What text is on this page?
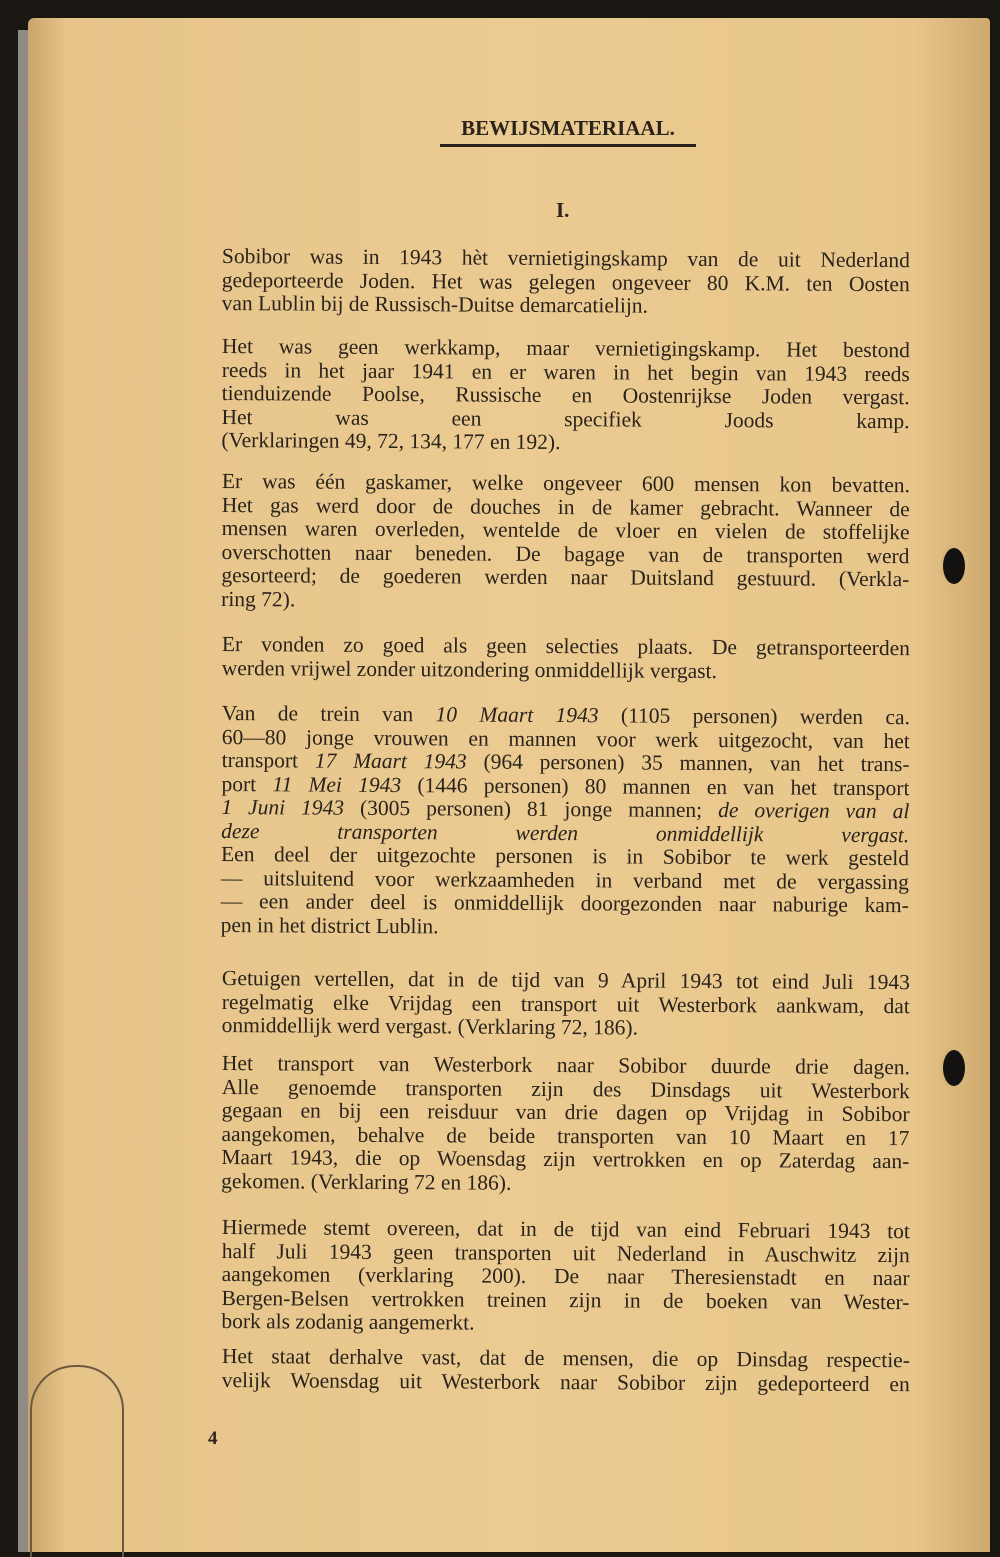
BEWIJSMATERIAAL.
I.
Sobibor was in 1943 hèt vernietigingskamp van de uit Nederland
gedeporteerde Joden. Het was gelegen ongeveer 80 K.M. ten Oosten
van Lublin bij de Russisch-Duitse demarcatielijn.
Het was geen werkkamp, maar vernietigingskamp. Het bestond
reeds in het jaar 1941 en er waren in het begin van 1943 reeds
tienduizende Poolse, Russische en Oostenrijkse Joden vergast.
Het was een specifiek Joods kamp.
(Verklaringen 49, 72, 134, 177 en 192).
Er was één gaskamer, welke ongeveer 600 mensen kon bevatten.
Het gas werd door de douches in de kamer gebracht. Wanneer de
mensen waren overleden, wentelde de vloer en vielen de stoffelijke
overschotten naar beneden. De bagage van de transporten werd
gesorteerd; de goederen werden naar Duitsland gestuurd. (Verkla-
ring 72).
Er vonden zo goed als geen selecties plaats. De getransporteerden
werden vrijwel zonder uitzondering onmiddellijk vergast.
Van de trein van 10 Maart 1943 (1105 personen) werden ca.
60—80 jonge vrouwen en mannen voor werk uitgezocht, van het
transport 17 Maart 1943 (964 personen) 35 mannen, van het trans-
port 11 Mei 1943 (1446 personen) 80 mannen en van het transport
1 Juni 1943 (3005 personen) 81 jonge mannen; de overigen van al
deze transporten werden onmiddellijk vergast.
Een deel der uitgezochte personen is in Sobibor te werk gesteld
— uitsluitend voor werkzaamheden in verband met de vergassing
— een ander deel is onmiddellijk doorgezonden naar naburige kam-
pen in het district Lublin.
Getuigen vertellen, dat in de tijd van 9 April 1943 tot eind Juli 1943
regelmatig elke Vrijdag een transport uit Westerbork aankwam, dat
onmiddellijk werd vergast. (Verklaring 72, 186).
Het transport van Westerbork naar Sobibor duurde drie dagen.
Alle genoemde transporten zijn des Dinsdags uit Westerbork
gegaan en bij een reisduur van drie dagen op Vrijdag in Sobibor
aangekomen, behalve de beide transporten van 10 Maart en 17
Maart 1943, die op Woensdag zijn vertrokken en op Zaterdag aan-
gekomen. (Verklaring 72 en 186).
Hiermede stemt overeen, dat in de tijd van eind Februari 1943 tot
half Juli 1943 geen transporten uit Nederland in Auschwitz zijn
aangekomen (verklaring 200). De naar Theresienstadt en naar
Bergen-Belsen vertrokken treinen zijn in de boeken van Wester-
bork als zodanig aangemerkt.
Het staat derhalve vast, dat de mensen, die op Dinsdag respectie-
velijk Woensdag uit Westerbork naar Sobibor zijn gedeporteerd en
4
